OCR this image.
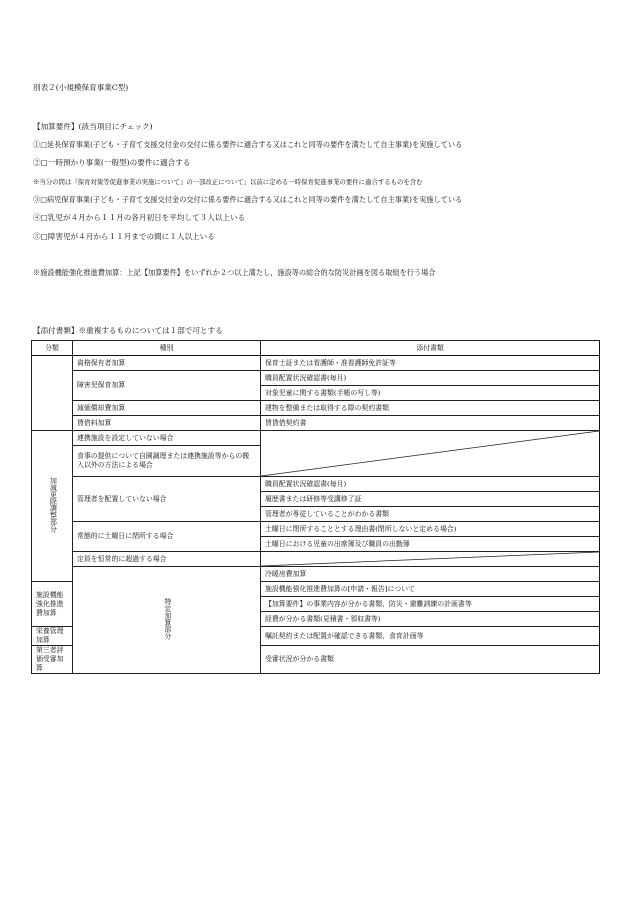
別表２(小規模保育事業C型)
【加算要件】(該当項目にチェック)
①□延長保育事業(子ども・子育て支援交付金の交付に係る要件に適合する又はこれと同等の要件を満たして自主事業)を実施している
②□一時預かり事業(一般型)の要件に適合する
※当分の間は『保育対策等促進事業の実施について』の一部改正について」以前に定める一時保育促進事業の要件に適合するものを含む
③□病児保育事業(子ども・子育て支援交付金の交付に係る要件に適合する又はこれと同等の要件を満たして自主事業)を実施している
④□乳児が４月から１１月の各月初日を平均して３人以上いる
⑤□障害児が４月から１１月までの間に１人以上いる
※施設機能強化推進費加算：上記【加算要件】をいずれか２つ以上満たし，施設等の総合的な防災計画を図る取組を行う場合
【添付書類】※重複するものについては１部で可とする
分類	種別	添付書類	
	資格保有者加算	保育士証または看護師・准看護師免許証等	
	障害児保育加算	職員配置状況確認書(毎月)	
		対象児童に関する書類(手帳の写し等)	
	減価償却費加算	建物を整備または取得する際の契約書類	
	賃借料加算	賃貸借契約書	
加減更除調整部分	連携施設を設定していない場合	

	食事の提供について自園調理または連携施設等からの搬入以外の方法による場合		
	管理者を配置していない場合	職員配置状況確認書(毎月)	
		履歴書または研修等受講修了証	
		管理者が専従していることがわかる書類	
	常態的に土曜日に閉所する場合	土曜日に閉所することとする理由書(閉所しないと定める場合)	
		土曜日における児童の出席簿及び職員の出勤簿	
	定員を恒常的に超過する場合	

	特定加算部分	冷暖房費加算	

施設機能強化推進費加算		施設機能強化推進費加算の[申請・報告]について	
		【加算要件】の事業内容が分かる書類，防災・避難訓練の計画書等	
		経費が分かる書類(見積書・領収書等)	
栄養管理加算		嘱託契約または配置が確認できる書類，食育計画等	
第三者評価受審加算		受審状況が分かる書類	
